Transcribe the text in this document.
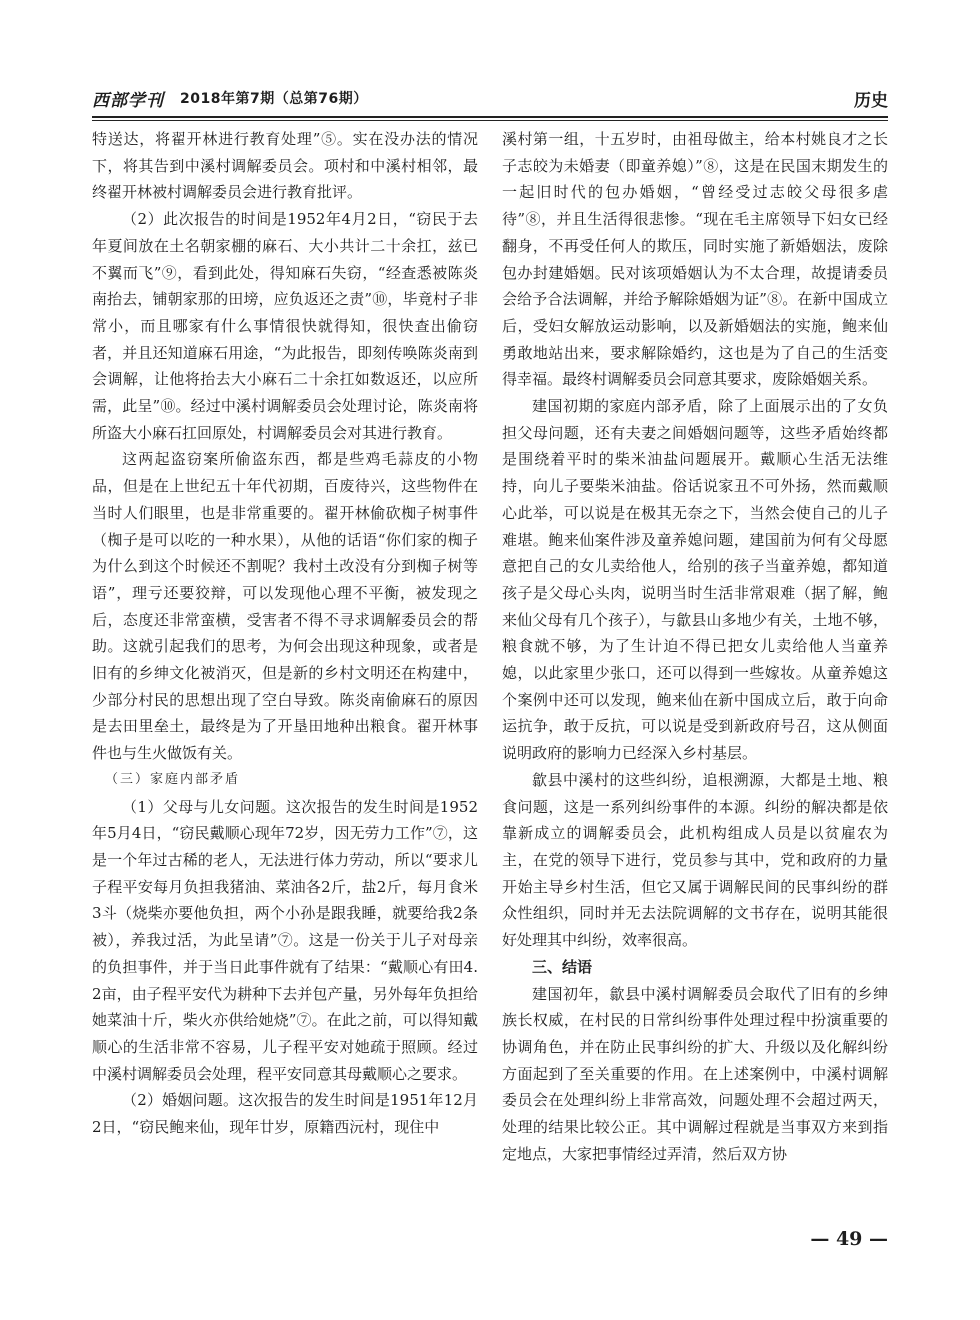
西部学刊 2018年第7期（总第76期）	历史

特送达，将翟开林进行教育处理”⑤。实在没办法的情况下，将其告到中溪村调解委员会。项村和中溪村相邻，最终翟开林被村调解委员会进行教育批评。

（2）此次报告的时间是1952年4月2日，“窃民于去年夏间放在土名朝家棚的麻石、大小共计二十余扛，兹已不翼而飞”⑨，看到此处，得知麻石失窃，“经查悉被陈炎南抬去，铺朝家那的田塝，应负返还之责”⑩，毕竟村子非常小，而且哪家有什么事情很快就得知，很快查出偷窃者，并且还知道麻石用途，“为此报告，即刻传唤陈炎南到会调解，让他将抬去大小麻石二十余扛如数返还，以应所需，此呈”⑩。经过中溪村调解委员会处理讨论，陈炎南将所盗大小麻石扛回原处，村调解委员会对其进行教育。

这两起盗窃案所偷盗东西，都是些鸡毛蒜皮的小物品，但是在上世纪五十年代初期，百废待兴，这些物件在当时人们眼里，也是非常重要的。翟开林偷砍椥子树事件（椥子是可以吃的一种水果），从他的话语“你们家的椥子为什么到这个时候还不割呢？我村土改没有分到椥子树等语”，理亏还要狡辩，可以发现他心理不平衡，被发现之后，态度还非常蛮横，受害者不得不寻求调解委员会的帮助。这就引起我们的思考，为何会出现这种现象，或者是旧有的乡绅文化被消灭，但是新的乡村文明还在构建中，少部分村民的思想出现了空白导致。陈炎南偷麻石的原因是去田里垒土，最终是为了开垦田地种出粮食。翟开林事件也与生火做饭有关。

（三）家庭内部矛盾

（1）父母与儿女问题。这次报告的发生时间是1952年5月4日，“窃民戴顺心现年72岁，因无劳力工作”⑦，这是一个年过古稀的老人，无法进行体力劳动，所以“要求儿子程平安每月负担我猪油、菜油各2斤，盐2斤，每月食米3斗（烧柴亦要他负担，两个小孙是跟我睡，就要给我2条被），养我过活，为此呈请”⑦。这是一份关于儿子对母亲的负担事件，并于当日此事件就有了结果：“戴顺心有田4.2亩，由子程平安代为耕种下去并包产量，另外每年负担给她菜油十斤，柴火亦供给她烧”⑦。在此之前，可以得知戴顺心的生活非常不容易，儿子程平安对她疏于照顾。经过中溪村调解委员会处理，程平安同意其母戴顺心之要求。

（2）婚姻问题。这次报告的发生时间是1951年12月2日，“窃民鲍来仙，现年廿岁，原籍西沅村，现住中

溪村第一组，十五岁时，由祖母做主，给本村姚良才之长子志皎为未婚妻（即童养媳）”⑧，这是在民国末期发生的一起旧时代的包办婚姻，“曾经受过志皎父母很多虐待”⑧，并且生活得很悲惨。“现在毛主席领导下妇女已经翻身，不再受任何人的欺压，同时实施了新婚姻法，废除包办封建婚姻。民对该项婚姻认为不太合理，故提请委员会给予合法调解，并给予解除婚姻为证”⑧。在新中国成立后，受妇女解放运动影响，以及新婚姻法的实施，鲍来仙勇敢地站出来，要求解除婚约，这也是为了自己的生活变得幸福。最终村调解委员会同意其要求，废除婚姻关系。

建国初期的家庭内部矛盾，除了上面展示出的了女负担父母问题，还有夫妻之间婚姻问题等，这些矛盾始终都是围绕着平时的柴米油盐问题展开。戴顺心生活无法维持，向儿子要柴米油盐。俗话说家丑不可外扬，然而戴顺心此举，可以说是在极其无奈之下，当然会使自己的儿子难堪。鲍来仙案件涉及童养媳问题，建国前为何有父母愿意把自己的女儿卖给他人，给别的孩子当童养媳，都知道孩子是父母心头肉，说明当时生活非常艰难（据了解，鲍来仙父母有几个孩子），与歙县山多地少有关，土地不够，粮食就不够，为了生计迫不得已把女儿卖给他人当童养媳，以此家里少张口，还可以得到一些嫁妆。从童养媳这个案例中还可以发现，鲍来仙在新中国成立后，敢于向命运抗争，敢于反抗，可以说是受到新政府号召，这从侧面说明政府的影响力已经深入乡村基层。

歙县中溪村的这些纠纷，追根溯源，大都是土地、粮食问题，这是一系列纠纷事件的本源。纠纷的解决都是依靠新成立的调解委员会，此机构组成人员是以贫雇农为主，在党的领导下进行，党员参与其中，党和政府的力量开始主导乡村生活，但它又属于调解民间的民事纠纷的群众性组织，同时并无去法院调解的文书存在，说明其能很好处理其中纠纷，效率很高。

三、结语

建国初年，歙县中溪村调解委员会取代了旧有的乡绅族长权威，在村民的日常纠纷事件处理过程中扮演重要的协调角色，并在防止民事纠纷的扩大、升级以及化解纠纷方面起到了至关重要的作用。在上述案例中，中溪村调解委员会在处理纠纷上非常高效，问题处理不会超过两天，处理的结果比较公正。其中调解过程就是当事双方来到指定地点，大家把事情经过弄清，然后双方协

— 49 —
